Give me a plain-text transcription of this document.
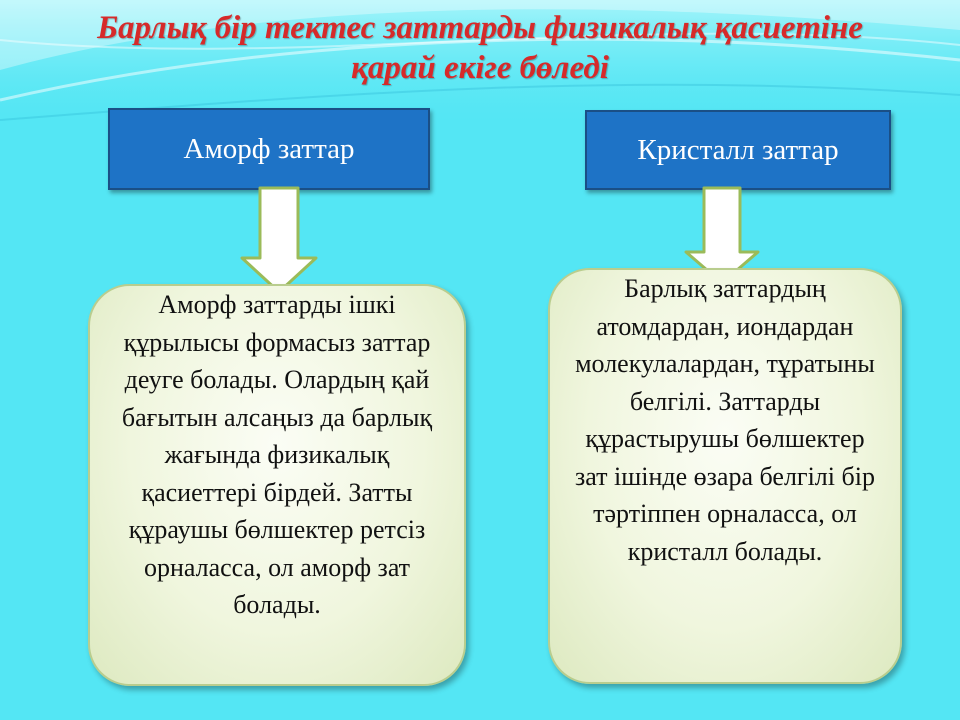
Барлық бір тектес заттарды физикалық қасиетіне
қарай екіге бөледі
Аморф заттар	Кристалл заттар

Аморф заттарды ішкі құрылысы формасыз заттар деуге болады. Олардың қай бағытын алсаңыз да барлық жағында физикалық қасиеттері бірдей. Затты құраушы бөлшектер ретсіз орналасса, ол аморф зат болады.

Барлық заттардың атомдардан, иондардан молекулалардан, тұратыны белгілі. Заттарды құрастырушы бөлшектер зат ішінде өзара белгілі бір тәртіппен орналасса, ол кристалл болады.
